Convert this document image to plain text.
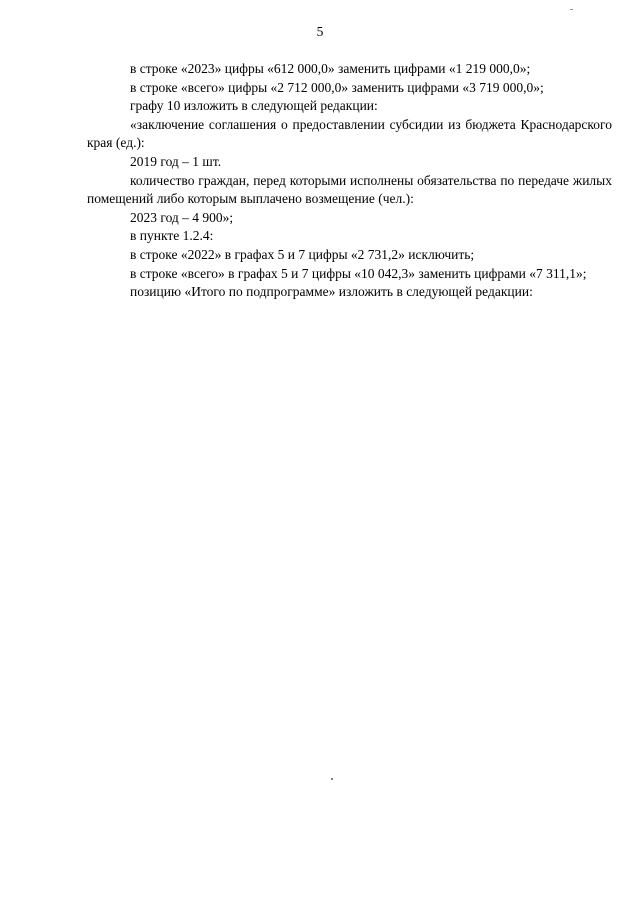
5

в строке «2023» цифры «612 000,0» заменить цифрами «1 219 000,0»;

в строке «всего» цифры «2 712 000,0» заменить цифрами «3 719 000,0»;

графу 10 изложить в следующей редакции:

«заключение соглашения о предоставлении субсидии из бюджета Краснодарского края (ед.):

2019 год – 1 шт.

количество граждан, перед которыми исполнены обязательства по передаче жилых помещений либо которым выплачено возмещение (чел.):

2023 год – 4 900»;

в пункте 1.2.4:

в строке «2022» в графах 5 и 7 цифры «2 731,2» исключить;

в строке «всего» в графах 5 и 7 цифры «10 042,3» заменить цифрами «7 311,1»;

позицию «Итого по подпрограмме» изложить в следующей редакции:
